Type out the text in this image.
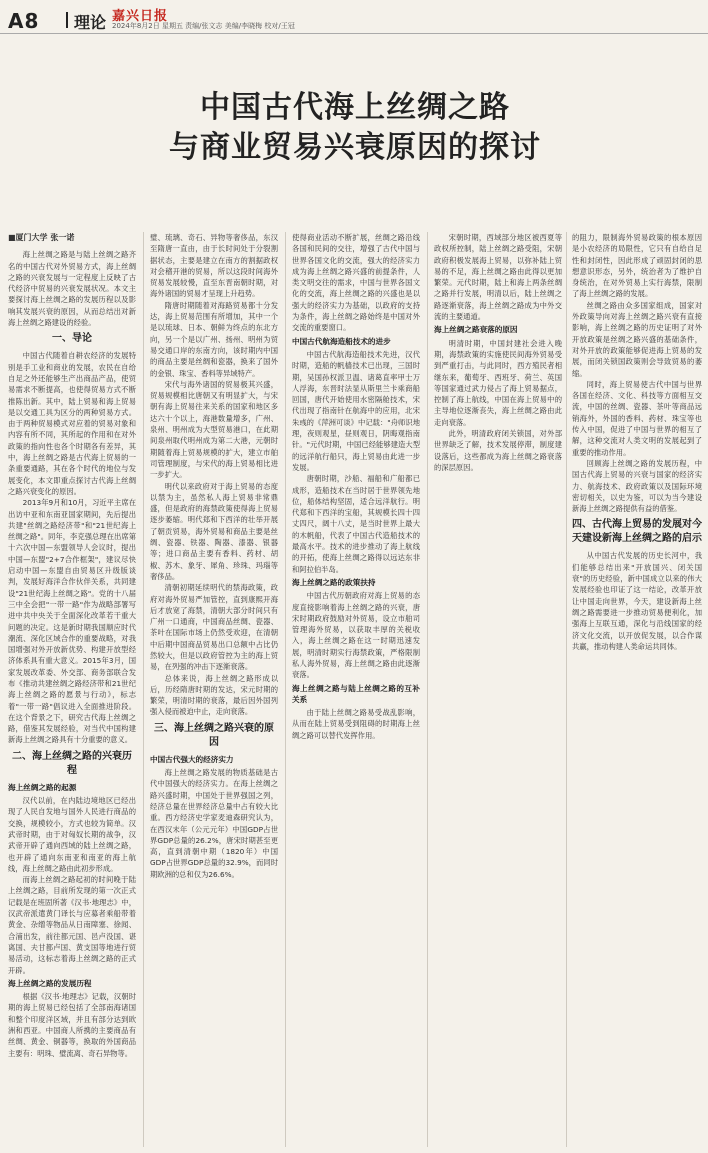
A8 理论 嘉兴日报
2024年8月2日 星期五 责编/张文志 美编/李晓梅 校对/王冠
中国古代海上丝绸之路
与商业贸易兴衰原因的探讨
■厦门大学 张一诺

海上丝绸之路是与陆上丝绸之路齐名的中国古代对外贸易方式，海上丝绸之路的兴衰发展与一定程度上反映了古代经济中贸易的兴衰发展状况。本文主要探讨海上丝绸之路的发展历程以及影响其发展兴衰的原因，从而总结出对新海上丝绸之路建设的经验。

一、导论

中国古代随着自耕农经济的发展特别是手工业和商业的发展，农民在自给自足之外还能够生产出商品产品，使贸易需求不断提高，也使得贸易方式不断推陈出新。其中，陆上贸易和海上贸易是以交通工具为区分的两种贸易方式。由于两种贸易模式对应着的贸易对象和内容有所不同，其所起的作用和在对外政策的指向性也各个时期各有差异，其中，海上丝绸之路是古代海上贸易的一条重要通路，其在各个时代的地位与发展变化，本文即重点探讨古代海上丝绸之路兴衰变化的原因。

2013年9月和10月，习近平主席在出访中亚和东南亚国家期间，先后提出共建"丝绸之路经济带"和"21世纪海上丝绸之路"。同年，李克强总理在出席第十六次中国—东盟领导人会议时，提出中国—东盟"2+7合作框架"，建议尽快启动中国—东盟自由贸易区升级版谈判，发展好海洋合作伙伴关系，共同建设"21世纪海上丝绸之路"。党的十八届三中全会把"一带一路"作为战略部署写进中共中央关于全面深化改革若干重大问题的决定。这是新时期我国顺应时代潮流、深化区域合作的重要战略，对我国增强对外开放新优势、构建开放型经济体系具有重大意义。2015年3月，国家发展改革委、外交部、商务部联合发布《推动共建丝绸之路经济带和21世纪海上丝绸之路的愿景与行动》，标志着"一带一路"倡议进入全面推进阶段。在这个背景之下，研究古代海上丝绸之路，借鉴其发展经验，对当代中国构建新海上丝绸之路具有十分重要的意义。

二、海上丝绸之路的兴衰历程
海上丝绸之路的起源

汉代以前，在内陆边境地区已经出现了人民自发地与国外人民进行商品的交换，规模较小，方式也较为简单。汉武帝时期，由于对匈奴长期的战争，汉武帝开辟了通向西域的陆上丝绸之路，也开辟了通向东南亚和南亚的海上航线，海上丝绸之路由此初步形成。

而海上丝绸之路起初的时间晚于陆上丝绸之路，目前所发现的第一次正式记载是在班固所著《汉书·地理志》中，汉武帝派遣黄门译长与应募者乘船带着黄金、杂缯等物品从日南障塞、徐闻、合浦出发，前往都元国、邑卢没国、谌离国、夫甘都卢国、黄支国等地进行贸易活动，这标志着海上丝绸之路的正式开辟。

海上丝绸之路的发展历程

根据《汉书·地理志》记载，汉朝时期的海上贸易已经包括了全部南海诸国和整个印度洋区域，并且有部分达到欧洲和西亚。中国商人所携的主要商品有丝绸、黄金、铜器等，换取的外国商品主要有：明珠、璧流离、奇石异物等。

璧、琉璃、奇石、异物等奢侈品，东汉至隋唐一直由，由于长时间处于分裂割据状态，主要是建立在南方的割据政权对会稽开港的贸易，所以这段时间海外贸易发展较慢，直至东晋南朝时期，对海外诸国的贸易才呈现上升趋势。

隋唐时期随着对海路贸易都十分发达，海上贸易范围有所增加，其中一个是以琉球、日本、朝鲜为终点的东北方向，另一个是以广州、扬州、明州为贸易交通口岸的东南方向，该时期内中国的商品主要是丝绸和瓷器，换来了国外的金银、珠宝、香料等异域特产。

宋代与海外诸国的贸易极其兴盛，贸易规模相比唐朝又有明显扩大，与宋朝有海上贸易往来关系的国家和地区多达六十个以上，海港数量增多，广州、泉州、明州成为大型贸易港口，在此期间泉州取代明州成为第二大港，元朝时期随着海上贸易规模的扩大，建立市舶司管理制度，与宋代的海上贸易相比进一步扩大。

明代以来政府对于海上贸易的态度以禁为主，虽然私人海上贸易非常鼎盛，但是政府的海禁政策使得海上贸易逐步萎缩。明代郑和下西洋的壮举开展了朝贡贸易，海外贸易和商品主要是丝绸、瓷器、铁器、陶器、漆器、银器等；进口商品主要有香料、药材、胡椒、苏木、象牙、犀角、珍珠、玛瑙等奢侈品。

清朝初期延续明代的禁海政策，政府对海外贸易严加管控，直到康熙开海后才放宽了海禁，清朝大部分时间只有广州一口通商，中国商品丝绸、瓷器、茶叶在国际市场上仍然受欢迎，在清朝中后期中国商品贸易出口总额中占比仍然较大，但是以政府管控为主的海上贸易，在列强的冲击下逐渐衰落。

总体来说，海上丝绸之路形成以后，历经隋唐时期的发达，宋元时期的繁荣，明清时期的衰落，最后因外国列强入侵而被迫中止，走向衰落。

三、海上丝绸之路兴衰的原因
中国古代强大的经济实力

海上丝绸之路发展的物质基础是古代中国强大的经济实力。在海上丝绸之路兴盛时期，中国处于世界强国之列，经济总量在世界经济总量中占有较大比重。西方经济史学家麦迪森研究认为，在西汉末年（公元元年）中国GDP占世界GDP总量的26.2%，唐宋时期甚至更高，直到清朝中期（1820年）中国GDP占世界GDP总量的32.9%，而同时期欧洲的总和仅为26.6%。

使得商业活动不断扩展，丝绸之路沿线各国和民间的交往，增强了古代中国与世界各国文化的交流，强大的经济实力成为海上丝绸之路兴盛的前提条件，人类文明交往的需求，中国与世界各国文化的交流，海上丝绸之路的兴盛也是以强大的经济实力为基础，以政府的支持为条件，海上丝绸之路始终是中国对外交流的重要窗口。

中国古代航海造船技术的进步

中国古代航海造船技术先进，汉代时期，造船的帆樯技术已出现，三国时期，吴国孙权派卫温、诸葛直率甲士万人浮海，东晋时法显从斯里兰卡乘商船回国，唐代开始使用水密隔舱技术，宋代出现了指南针在航海中的应用，北宋朱彧的《萍洲可谈》中记载："舟师识地理，夜则观星，昼则观日，阴晦观指南针。"元代时期，中国已经能够建造大型的远洋航行船只，海上贸易由此进一步发展。

唐朝时期，沙船、福船和广船都已成形，造船技术在当时居于世界领先地位，船体结构坚固，适合远洋航行。明代郑和下西洋的宝船，其规模长四十四丈四尺，阔十八丈，是当时世界上最大的木帆船，代表了中国古代造船技术的最高水平。技术的进步推动了海上航线的开拓，使海上丝绸之路得以远达东非和阿拉伯半岛。

海上丝绸之路的政策扶持

中国古代历朝政府对海上贸易的态度直接影响着海上丝绸之路的兴衰，唐宋时期政府鼓励对外贸易，设立市舶司管理海外贸易，以获取丰厚的关税收入，海上丝绸之路在这一时期迅速发展，明清时期实行海禁政策，严格限制私人海外贸易，海上丝绸之路由此逐渐衰落。

海上丝绸之路与陆上丝绸之路的互补关系

由于陆上丝绸之路易受战乱影响，从而在陆上贸易受到阻碍的时期海上丝绸之路可以替代发挥作用。

宋朝时期，西域部分地区被西夏等政权所控制，陆上丝绸之路受阻，宋朝政府积极发展海上贸易，以弥补陆上贸易的不足，海上丝绸之路由此得以更加繁荣。元代时期，陆上和海上两条丝绸之路并行发展，明清以后，陆上丝绸之路逐渐衰落，海上丝绸之路成为中外交流的主要通道。

海上丝绸之路衰落的原因

明清时期，中国封建社会进入晚期，海禁政策的实施使民间海外贸易受到严重打击，与此同时，西方殖民者相继东来，葡萄牙、西班牙、荷兰、英国等国家通过武力侵占了海上贸易据点，控制了海上航线，中国在海上贸易中的主导地位逐渐丧失，海上丝绸之路由此走向衰落。

此外，明清政府闭关锁国，对外部世界缺乏了解，技术发展停滞，制度建设落后，这些都成为海上丝绸之路衰落的深层原因。

的阻力，限制海外贸易政策的根本原因是小农经济的局限性，它只有自给自足性和封闭性，因此形成了顽固封闭的思想意识形态，另外，统治者为了维护自身统治，在对外贸易上实行海禁，限制了海上丝绸之路的发展。

丝绸之路由众多国家组成，国家对外政策导向对海上丝绸之路兴衰有直接影响，海上丝绸之路的历史证明了对外开放政策是丝绸之路兴盛的基础条件，对外开放的政策能够促进海上贸易的发展，而闭关锁国政策则会导致贸易的萎缩。

同时，海上贸易使古代中国与世界各国在经济、文化、科技等方面相互交流，中国的丝绸、瓷器、茶叶等商品远销海外，外国的香料、药材、珠宝等也传入中国，促进了中国与世界的相互了解，这种交流对人类文明的发展起到了重要的推动作用。

回顾海上丝绸之路的发展历程，中国古代海上贸易的兴衰与国家的经济实力、航海技术、政府政策以及国际环境密切相关，以史为鉴，可以为当今建设新海上丝绸之路提供有益的借鉴。

四、古代海上贸易的发展对今天建设新海上丝绸之路的启示

从中国古代发展的历史长河中，我们能够总结出来"开放国兴、闭关国衰"的历史经验，新中国成立以来的伟大发展经验也印证了这一结论，改革开放让中国走向世界，今天，建设新海上丝绸之路需要进一步推动贸易便利化，加强海上互联互通，深化与沿线国家的经济文化交流，以开放促发展，以合作谋共赢，推动构建人类命运共同体。
